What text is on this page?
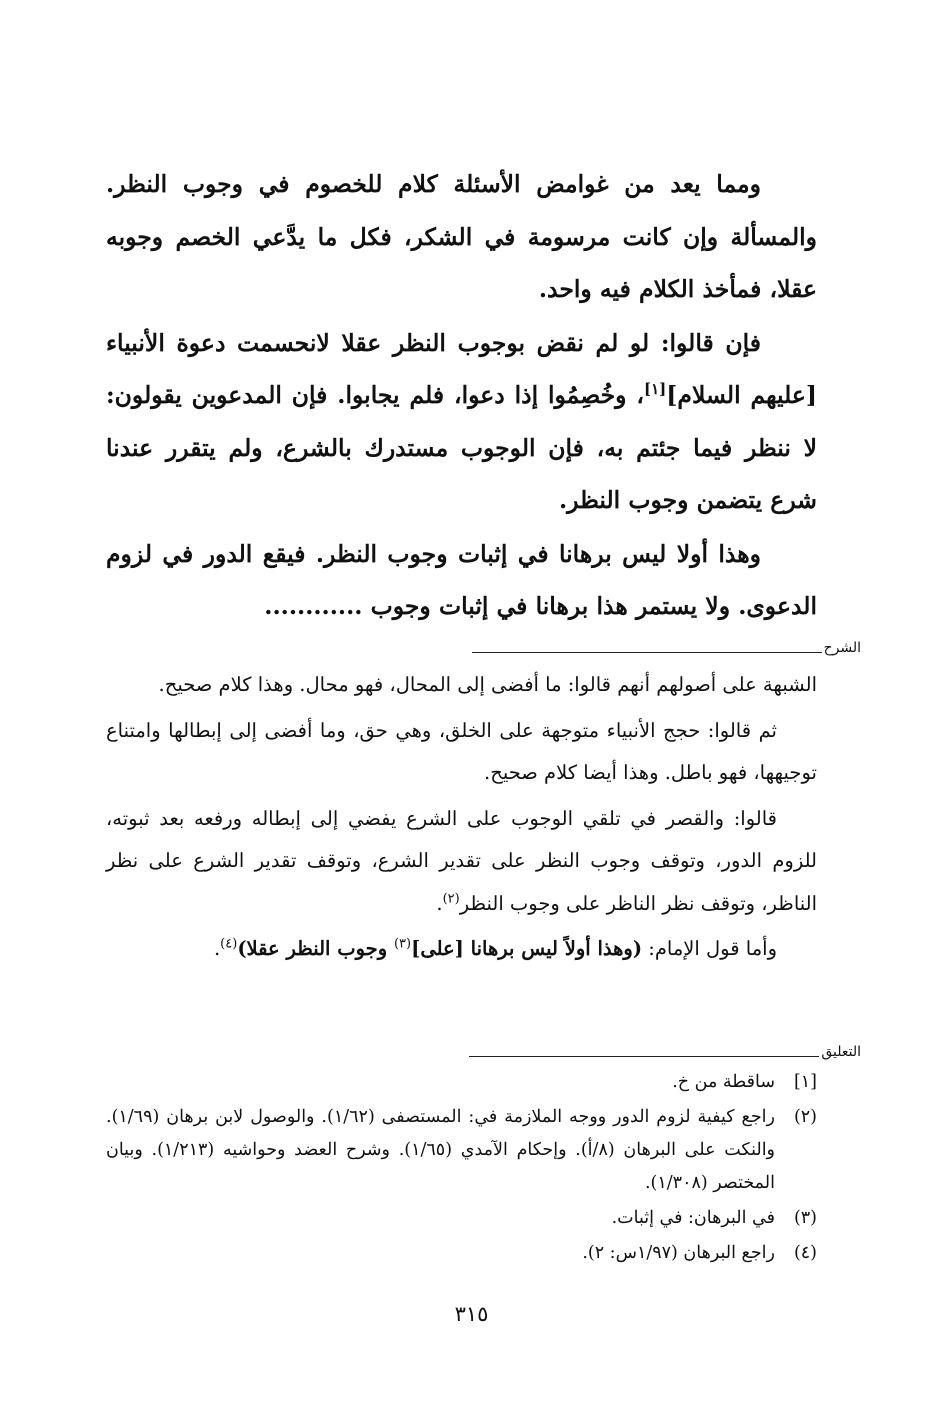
ومما يعد من غوامض الأسئلة كلام للخصوم في وجوب النظر. والمسألة وإن كانت مرسومة في الشكر، فكل ما يدَّعي الخصم وجوبه عقلا، فمأخذ الكلام فيه واحد.

فإن قالوا: لو لم نقض بوجوب النظر عقلا لانحسمت دعوة الأنبياء [عليهم السلام][١]، وخُصِمُوا إذا دعوا، فلم يجابوا. فإن المدعوين يقولون: لا ننظر فيما جئتم به، فإن الوجوب مستدرك بالشرع، ولم يتقرر عندنا شرع يتضمن وجوب النظر.

وهذا أولا ليس برهانا في إثبات وجوب النظر. فيقع الدور في لزوم الدعوى. ولا يستمر هذا برهانا في إثبات وجوب ............

الشرح

الشبهة على أصولهم أنهم قالوا: ما أفضى إلى المحال، فهو محال. وهذا كلام صحيح.

ثم قالوا: حجج الأنبياء متوجهة على الخلق، وهي حق، وما أفضى إلى إبطالها وامتناع توجيهها، فهو باطل. وهذا أيضا كلام صحيح.

قالوا: والقصر في تلقي الوجوب على الشرع يفضي إلى إبطاله ورفعه بعد ثبوته، للزوم الدور، وتوقف وجوب النظر على تقدير الشرع، وتوقف تقدير الشرع على نظر الناظر، وتوقف نظر الناظر على وجوب النظر$^{(٢)}$.

وأما قول الإمام: (وهذا أولاً ليس برهانا [على]$^{(٣)}$ وجوب النظر عقلا)$^{(٤)}$.

التعليق
[١]
ساقطة من خ.
(٢)
راجع كيفية لزوم الدور ووجه الملازمة في: المستصفى (١/٦٢). والوصول لابن برهان (١/٦٩). والنكت على البرهان (٨/أ). وإحكام الآمدي (١/٦٥). وشرح العضد وحواشيه (١/٢١٣). وبيان المختصر (١/٣٠٨).
(٣)
في البرهان: في إثبات.
(٤)
راجع البرهان (١/٩٧س: ٢).
٣١٥
